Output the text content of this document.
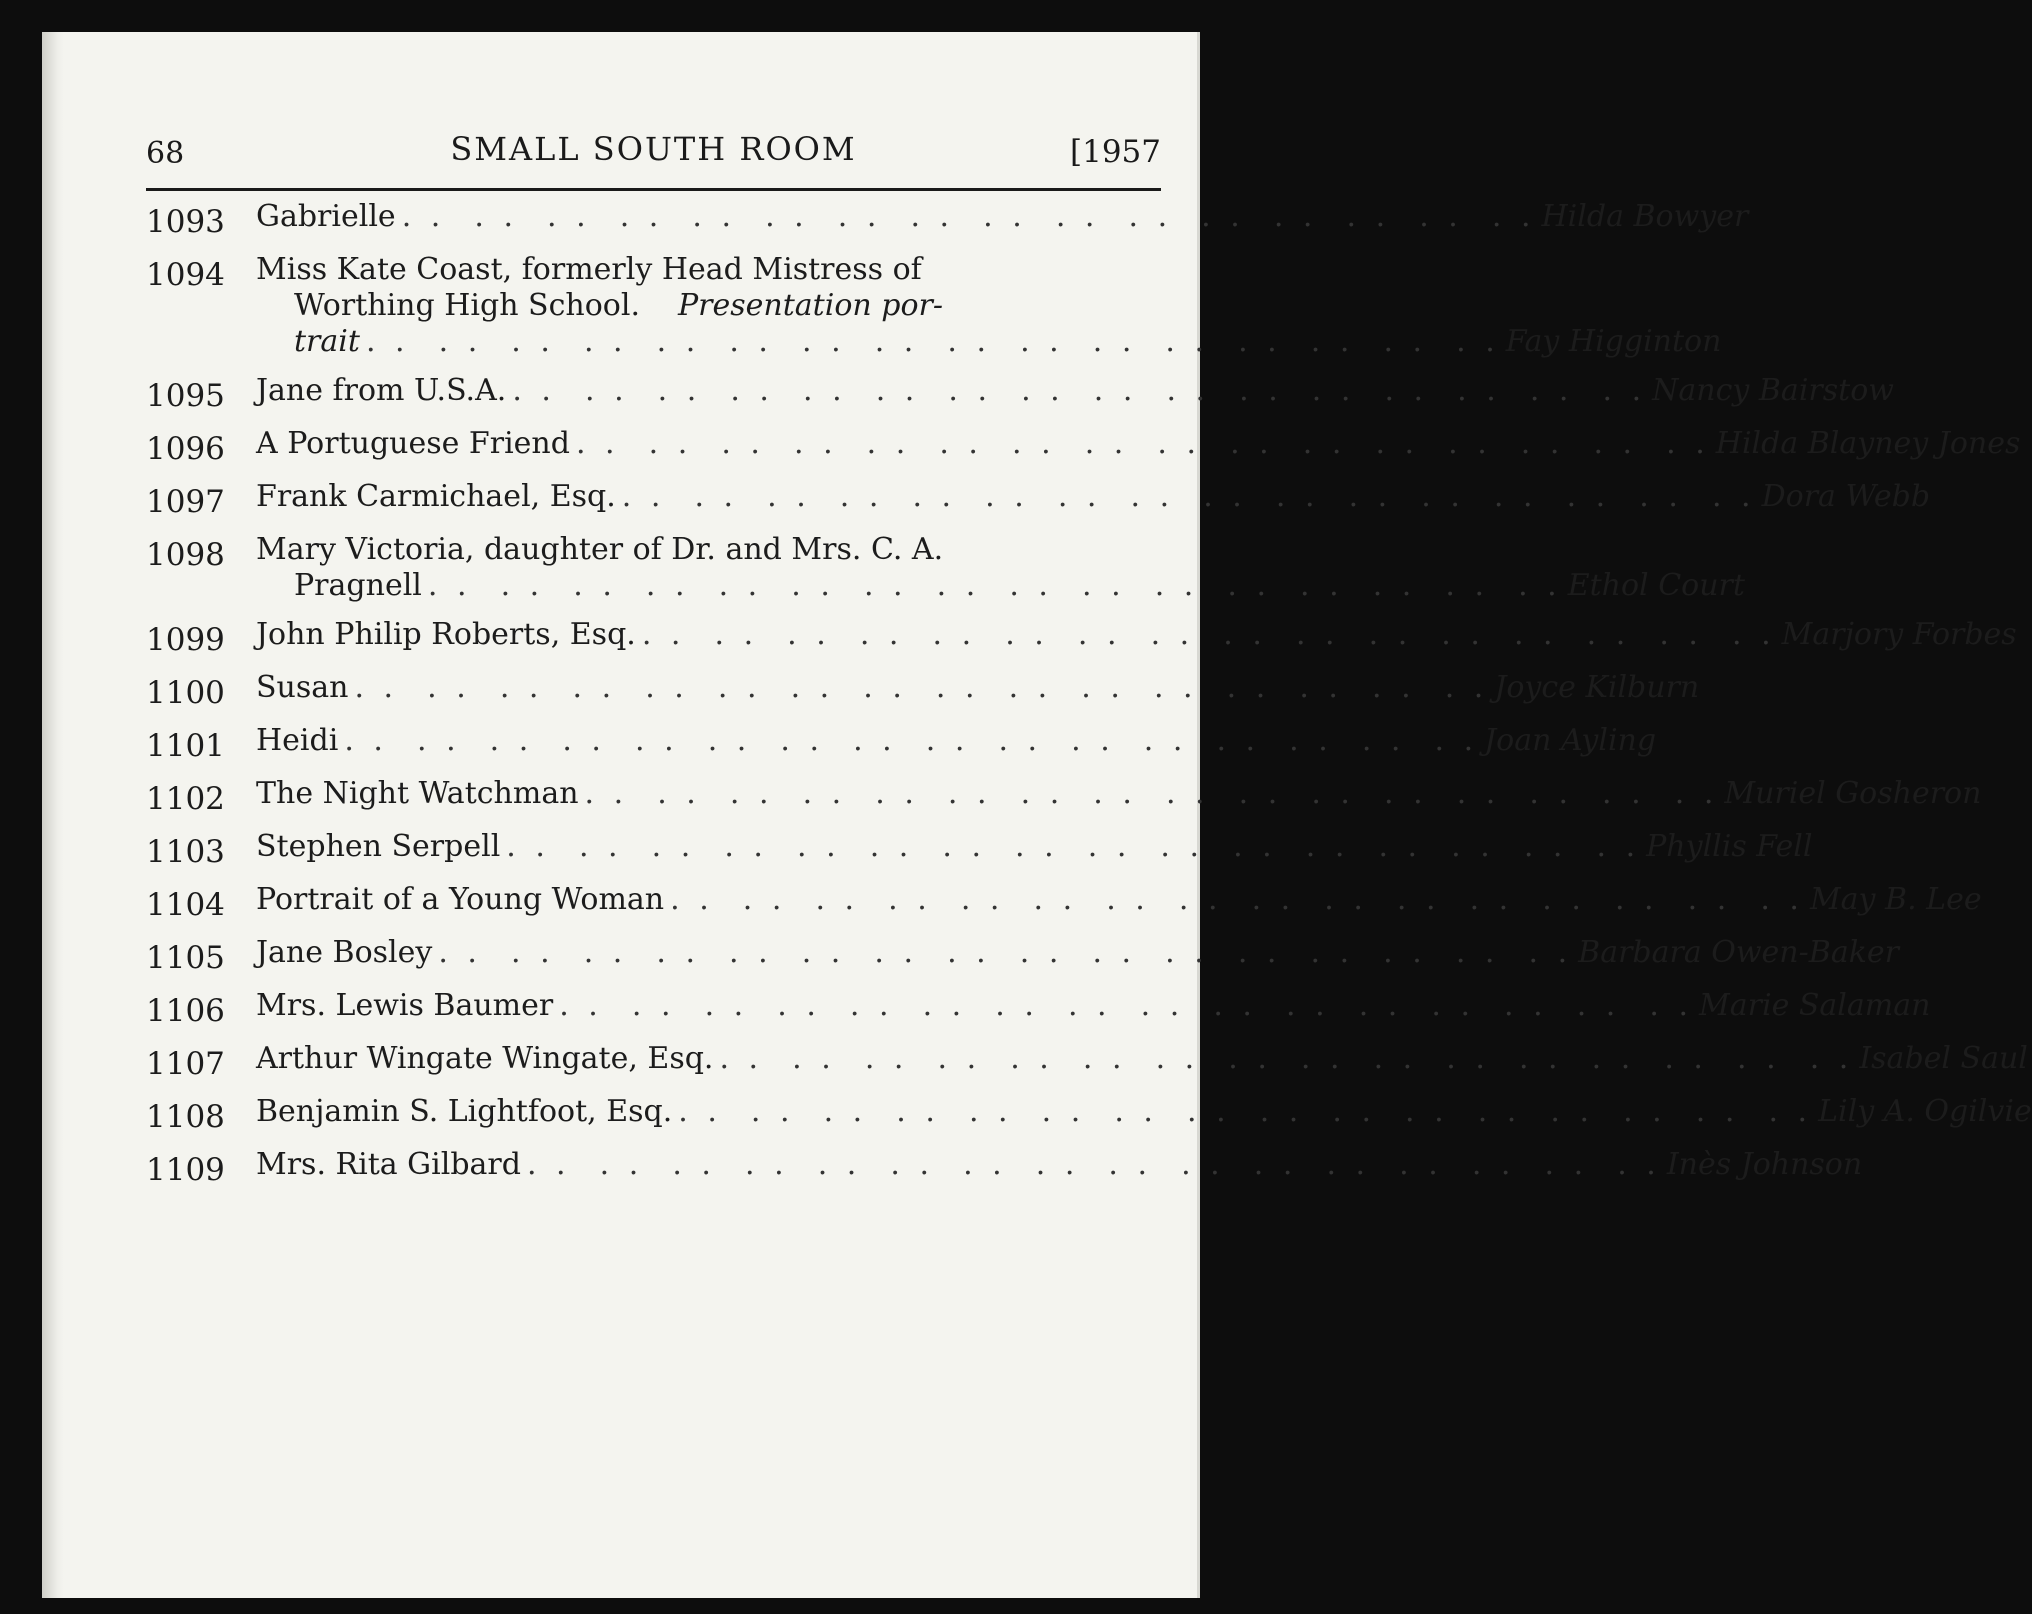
68	SMALL SOUTH ROOM	[1957
1093	Gabrielle . .	Hilda Bowyer
1094	Miss Kate Coast, formerly Head Mistress of
Worthing High School. Presentation por-
trait . .	Fay Higginton
1095	Jane from U.S.A. . .	Nancy Bairstow
1096	A Portuguese Friend . .	Hilda Blayney Jones
1097	Frank Carmichael, Esq. . .	Dora Webb
1098	Mary Victoria, daughter of Dr. and Mrs. C. A.
Pragnell . .	Ethol Court
1099	John Philip Roberts, Esq. . .	Marjory Forbes
1100	Susan . .	Joyce Kilburn
1101	Heidi . .	Joan Ayling
1102	The Night Watchman . .	Muriel Gosheron
1103	Stephen Serpell . .	Phyllis Fell
1104	Portrait of a Young Woman . .	May B. Lee
1105	Jane Bosley . .	Barbara Owen-Baker
1106	Mrs. Lewis Baumer . .	Marie Salaman
1107	Arthur Wingate Wingate, Esq. . .	Isabel Saul
1108	Benjamin S. Lightfoot, Esq. . .	Lily A. Ogilvie
1109	Mrs. Rita Gilbard . .	Inès Johnson
